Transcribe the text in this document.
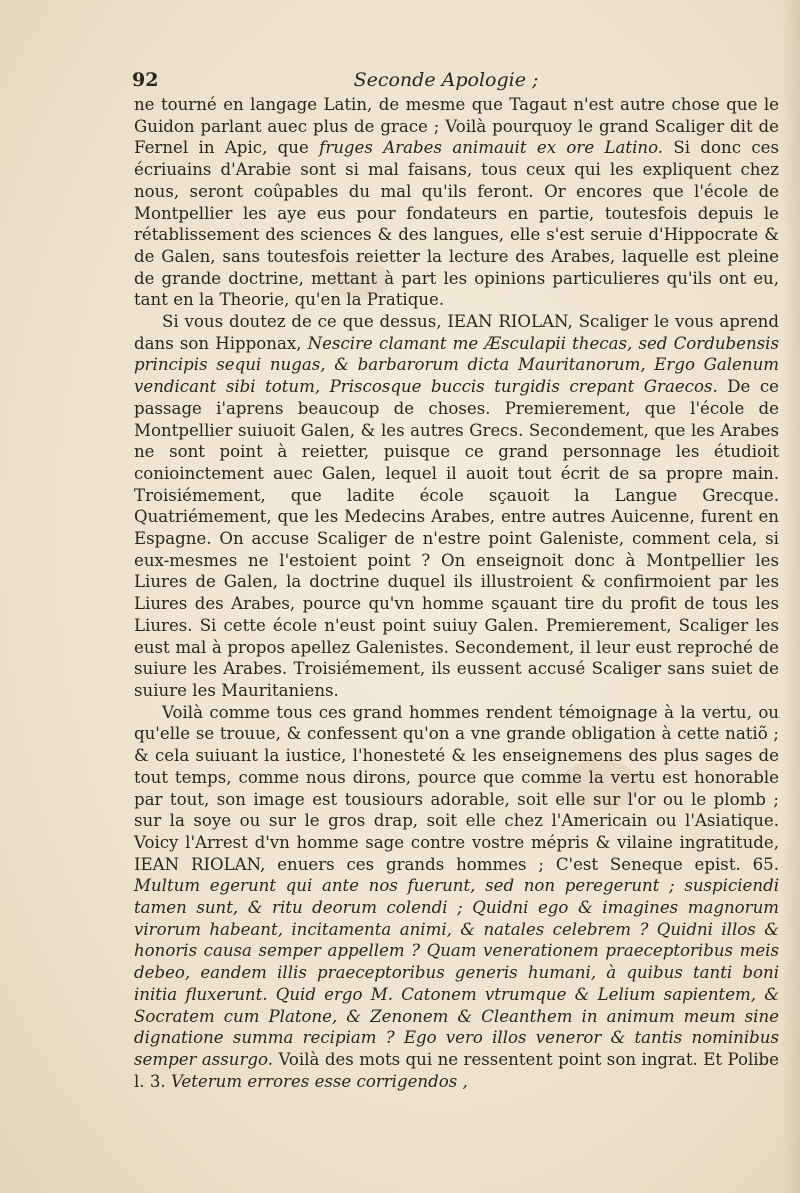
92	Seconde Apologie ;

ne tourné en langage Latin, de mesme que Tagaut n'est autre chose que le Guidon parlant auec plus de grace ; Voilà pourquoy le grand Scaliger dit de Fernel in Apic, que fruges Arabes animauit ex ore Latino. Si donc ces écriuains d'Arabie sont si mal faisans, tous ceux qui les expliquent chez nous, seront coûpables du mal qu'ils feront. Or encores que l'école de Montpellier les aye eus pour fondateurs en partie, toutesfois depuis le rétablissement des sciences & des langues, elle s'est seruie d'Hippocrate & de Galen, sans toutesfois reietter la lecture des Arabes, laquelle est pleine de grande doctrine, mettant à part les opinions particulieres qu'ils ont eu, tant en la Theorie, qu'en la Pratique.

Si vous doutez de ce que dessus, IEAN RIOLAN, Scaliger le vous aprend dans son Hipponax, Nescire clamant me Æsculapii thecas, sed Cordubensis principis sequi nugas, & barbarorum dicta Mauritanorum, Ergo Galenum vendicant sibi totum, Priscosque buccis turgidis crepant Graecos. De ce passage i'aprens beaucoup de choses. Premierement, que l'école de Montpellier suiuoit Galen, & les autres Grecs. Secondement, que les Arabes ne sont point à reietter, puisque ce grand personnage les étudioit conioinctement auec Galen, lequel il auoit tout écrit de sa propre main. Troisiémement, que ladite école sçauoit la Langue Grecque. Quatriémement, que les Medecins Arabes, entre autres Auicenne, furent en Espagne. On accuse Scaliger de n'estre point Galeniste, comment cela, si eux-mesmes ne l'estoient point ? On enseignoit donc à Montpellier les Liures de Galen, la doctrine duquel ils illustroient & confirmoient par les Liures des Arabes, pource qu'vn homme sçauant tire du profit de tous les Liures. Si cette école n'eust point suiuy Galen. Premierement, Scaliger les eust mal à propos apellez Galenistes. Secondement, il leur eust reproché de suiure les Arabes. Troisiémement, ils eussent accusé Scaliger sans suiet de suiure les Mauritaniens.

Voilà comme tous ces grand hommes rendent témoignage à la vertu, ou qu'elle se trouue, & confessent qu'on a vne grande obligation à cette natiõ ; & cela suiuant la iustice, l'honesteté & les enseignemens des plus sages de tout temps, comme nous dirons, pource que comme la vertu est honorable par tout, son image est tousiours adorable, soit elle sur l'or ou le plomb ; sur la soye ou sur le gros drap, soit elle chez l'Americain ou l'Asiatique. Voicy l'Arrest d'vn homme sage contre vostre mépris & vilaine ingratitude, IEAN RIOLAN, enuers ces grands hommes ; C'est Seneque epist. 65. Multum egerunt qui ante nos fuerunt, sed non peregerunt ; suspiciendi tamen sunt, & ritu deorum colendi ; Quidni ego & imagines magnorum virorum habeant, incitamenta animi, & natales celebrem ? Quidni illos & honoris causa semper appellem ? Quam venerationem praeceptoribus meis debeo, eandem illis praeceptoribus generis humani, à quibus tanti boni initia fluxerunt. Quid ergo M. Catonem vtrumque & Lelium sapientem, & Socratem cum Platone, & Zenonem & Cleanthem in animum meum sine dignatione summa recipiam ? Ego vero illos veneror & tantis nominibus semper assurgo. Voilà des mots qui ne ressentent point son ingrat. Et Polibe l. 3. Veterum errores esse corrigendos ,
